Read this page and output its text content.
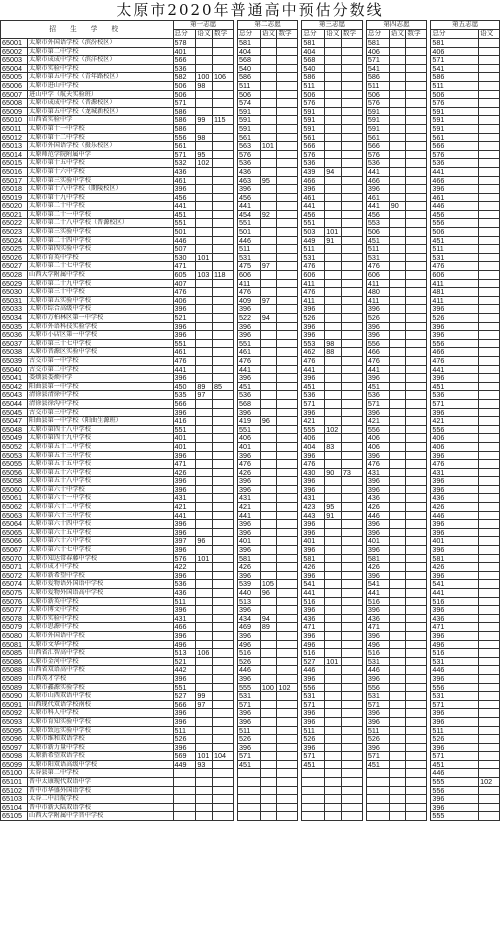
太原市2020年普通高中预估分数线
招 生 学 校		第一志愿				第二志愿				第三志愿				第四志愿				第五志愿	
		总分	语文	数学		总分	语文	数学		总分	语文	数学		总分	语文	数学		总分	语文
65001	太原市外国语学校（滨汾校区）	578				581				581				581				581	
65002	太原市第二中学校	401				404				404				406				406	
65003	太原市成成中学校（滨洋校区）	566				568				568				571				571	
65004	太原市实验中学校	536				540				540				541				541	
65005	太原市第五中学校（青年路校区）	582	100	106		586				586				586				586	
65006	太原市进山中学校	506	98			511				511				511				511	
65007	进山中学（航天实验班）	506				506				506				506				506	
65008	太原市成成中学校（晋源校区）	571				574				576				576				576	
65009	太原市第五中学校（龙城新校区）	586				591				591				591				591	
65010	山西省实验中学	586	99	115		591				591				591				591	
65011	太原市第十一中学校	586				591				591				591				591	
65012	太原市第十二中学校	556	98			561				561				561				561	
65013	太原市外国语学校（摄乐校区）	561				563	101			566				566				566	
65014	太原师范学院附属中学	571	95			576				576				576				576	
65015	太原市第十五中学校	532	102			536				536				536				536	
65016	太原市第十六中学校	436				436				439	94			441				441	
65017	太原市第三实验中学校	461				463	95			466				466				466	
65018	太原市第十八中学校（期陵校区）	396				396				396				396				396	
65019	太原市第十九中学校	456				456				461				461				461	
65020	太原市第二十中学校	441				441				441				441	90			446	
65021	太原市第二十一中学校	451				454	92			456				456				456	
65022	太原市第二十八中学校（晋源校区）	551				551				551				553				556	
65023	太原市第三实验中学校	501				501				503	101			506				506	
65024	太原市第二十四中学校	446				446				449	91			451				451	
65025	太原市第四实验中学校	507				511				511				511				511	
65026	太原市育英中学校	530	101			531				531				531				531	
65027	太原市第二十七中学校	471				475	97			476				476				476	
65028	山西大学附属中学校	605	103	118		606				606				606				606	
65029	太原市第二十九中学校	407				411				411				411				411	
65030	太原市第三十中学校	476				476				476				480				481	
65031	太原市第五实验中学校	406				409	97			411				411				411	
65033	太原市综合高级中学校	396				396				396				396				396	
65034	太原市万柏林区第一中学校	521				522	94			526				526				526	
65035	太原市外语科技实验学校	396				396				396				396				396	
65036	太原市小店区第一中学校	396				396				396				396				396	
65037	太原市第三十七中学校	551				551				553	98			556				556	
65038	太原市晋源区实验中学校	461				461				462	88			466				466	
65039	古交市第一中学校	476				476				476				476				476	
65040	古交市第二中学校	441				441				441				441				441	
65041	娄烦县娄烦中学	396				396				396				396				396	
65042	阳曲县第一中学校	450	89	85		451				451				451				451	
65043	清徐县清徐中学校	535	97			536				536				536				536	
65044	清徐县徐沟中学校	566				568				571				571				571	
65045	古交市第三中学校	396				396				396				396				396	
65047	阳曲县第一中学校（阳曲生源班）	416				419	96			421				421				421	
65048	太原市第四十八中学校	551				551				555	102			556				556	
65049	太原市第四十九中学校	401				406				406				406				406	
65052	太原市第五十二中学校	401				401				404	83			406				406	
65053	太原市第五十三中学校	396				396				396				396				396	
65055	太原市第五十五中学校	471				476				476				476				476	
65056	太原市第五十六中学校	426				426				430	90	73		431				431	
65058	太原市第五十八中学校	396				396				396				396				396	
65060	太原市第六十中学校	396				396				396				396				396	
65061	太原市第六十一中学校	431				431				431				436				436	
65062	太原市第六十二中学校	421				421				423	95			426				426	
65063	太原市第六十三中学校	441				441				443	91			446				446	
65064	太原市第六十四中学校	396				396				396				396				396	
65065	太原市第六十五中学校	396				396				396				396				396	
65066	太原市第六十六中学校	397	96			401				401				401				401	
65067	太原市第六十七中学校	396				396				396				396				396	
65070	太原市知达常春藤中学校	576	101			581				581				581				581	
65071	太原市成才中学校	422				426				426				426				426	
65072	太原市新希望中学校	396				396				396				396				396	
65074	太原市爱物语外国语中学校	536				539	105			541				541				541	
65075	太原市爱物外国语高中学校	436				440	96			441				441				441	
65076	太原市新英中学校	511				513				516				516				516	
65077	太原市博文中学校	396				396				396				396				396	
65078	太原市实验中学校	431				434	94			436				436				436	
65079	太原市思源中学校	466				469	89			471				471				471	
65080	太原市外国语中学校	396				396				396				396				396	
65081	太原市文华中学校	496				496				496				496				496	
65085	山西省汇智高中学校	513	106			516				516				516				516	
65086	太原市金河中学校	521				526				527	101			531				531	
65088	山西省双语高中学校	442				446				446				446				446	
65089	山西英才学校	396				396				396				396				396	
65089	太原市鑫源实验学校	551				555	100	102		556				556				556	
65090	太原市山西双语中学校	527	99			531				531				531				531	
65091	山西现代双语学校南校	566	97			571				571				571				571	
65092	太原市科人中学校	396				396				396				396				396	
65093	太原市育知实验中学校	396				396				396				396				396	
65095	太原市致远实验中学校	511				511				511				511				511	
65096	太原市维和双语学校	526				526				526				526				526	
65097	太原市新力量中学校	396				396				396				396				396	
65098	太原新希望双语学校	569	101	104		571				571				571				571	
65099	太原市阳双语高级中学校	449	93			451				451				451				451	
65100	太谷县第二中学校																	446	
65101	晋中太康现代双语中学																	555	102
65102	晋中市华盛外国语学校																	556	
65103	太谷二中启航学校																	396	
65104	晋中市新大陆双语学校																	396	
65105	山西大学附属中学晋中学校																	555	
